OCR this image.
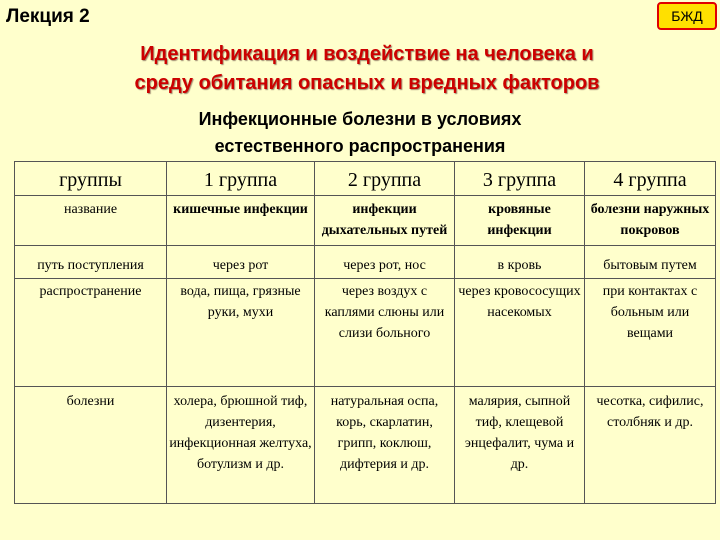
Лекция 2	БЖД
Идентификация и воздействие на человека и
среду обитания опасных и вредных факторов
Инфекционные болезни в условиях
естественного распространения
группы	1 группа	2 группа	3 группа	4 группа
название	кишечные инфекции	инфекции дыхательных путей	кровяные инфекции	болезни наружных покровов
путь поступления	через рот	через рот, нос	в кровь	бытовым путем
распространение	вода, пища, грязные руки, мухи	через воздух с каплями слюны или слизи больного	через кровососущих насекомых	при контактах с больным или вещами
болезни	холера, брюшной тиф, дизентерия, инфекционная желтуха, ботулизм и др.	натуральная оспа, корь, скарлатин, грипп, коклюш, дифтерия и др.	малярия, сыпной тиф, клещевой энцефалит, чума и др.	чесотка, сифилис, столбняк и др.
